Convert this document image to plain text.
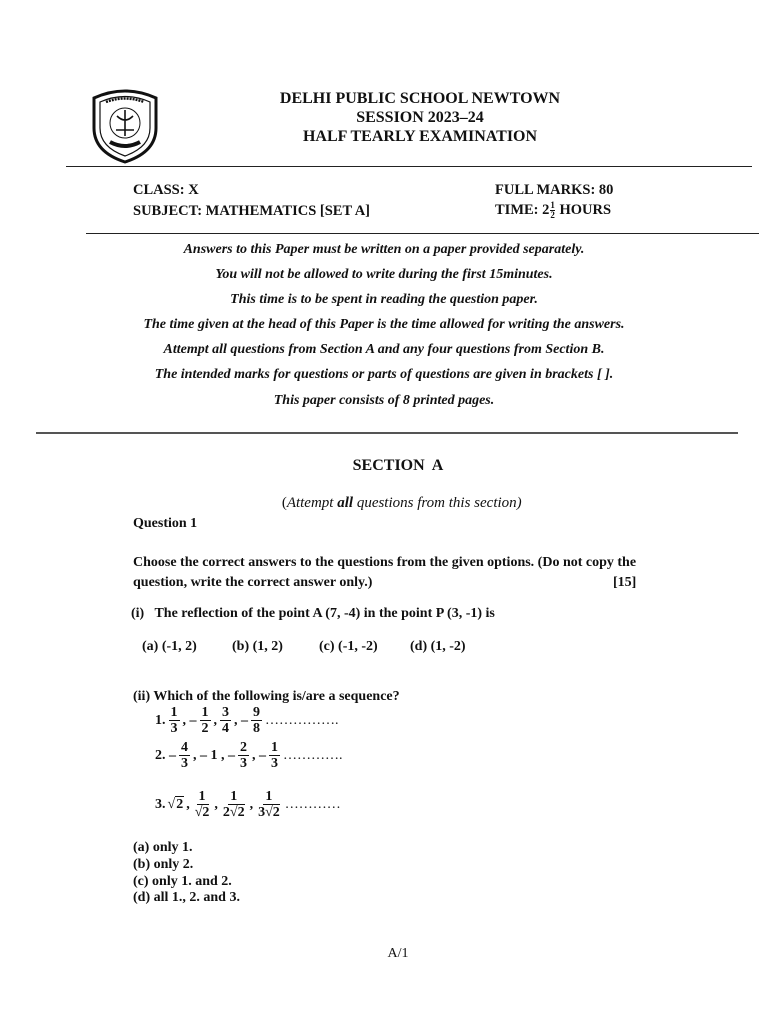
DELHI PUBLIC SCHOOL NEWTOWN
SESSION 2023–24
HALF TEARLY EXAMINATION
CLASS: X
SUBJECT: MATHEMATICS [SET A]
FULL MARKS: 80
TIME: $2 \frac{1}{2}$ HOURS
Answers to this Paper must be written on a paper provided separately.
You will not be allowed to write during the first 15minutes.
This time is to be spent in reading the question paper.
The time given at the head of this Paper is the time allowed for writing the answers.
Attempt all questions from Section A and any four questions from Section B.
The intended marks for questions or parts of questions are given in brackets [ ].
This paper consists of 8 printed pages.
SECTION  A

(Attempt all questions from this section)

Question 1
Choose the correct answers to the questions from the given options. (Do not copy the
question, write the correct answer only.)	[15]
(i)   The reflection of the point A (7, -4) in the point P (3, -1) is
(a) (-1, 2)	(b) (1, 2)	(c) (-1, -2) (d) (1, -2)
(ii) Which of the following is/are a sequence?
1. $\frac{1}{3}$ , – $\frac{1}{2}$ , $\frac{3}{4}$ , – $\frac{9}{8}$ …………….
2. – $\frac{4}{3}$ , – 1 , – $\frac{2}{3}$ , – $\frac{1}{3}$ ………….
3. √2 , $\frac{1}{√2}$ , $\frac{1}{2√2}$ , $\frac{1}{3√2}$ …………
(a) only 1.
(b) only 2.
(c) only 1. and 2.
(d) all 1., 2. and 3.
A/1
